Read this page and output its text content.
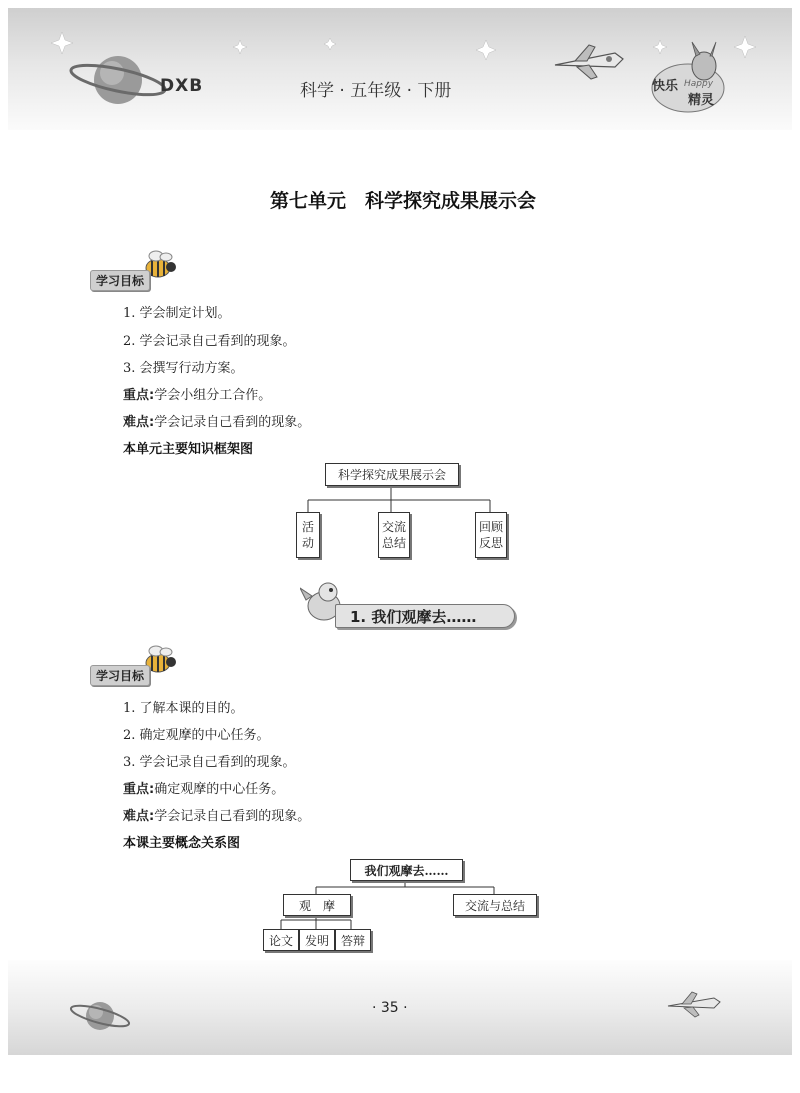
快乐 Happy
精灵
DXB	科学 · 五年级 · 下册
第七单元　科学探究成果展示会
学习目标
1. 学会制定计划。
2. 学会记录自己看到的现象。
3. 会撰写行动方案。
重点:学会小组分工合作。
难点:学会记录自己看到的现象。
本单元主要知识框架图
科学探究成果展示会
活动
交流总结
回顾反思
1. 我们观摩去……
学习目标
1. 了解本课的目的。
2. 确定观摩的中心任务。
3. 学会记录自己看到的现象。
重点:确定观摩的中心任务。
难点:学会记录自己看到的现象。
本课主要概念关系图
我们观摩去……
观　摩	交流与总结
论文 发明 答辩
· 35 ·
